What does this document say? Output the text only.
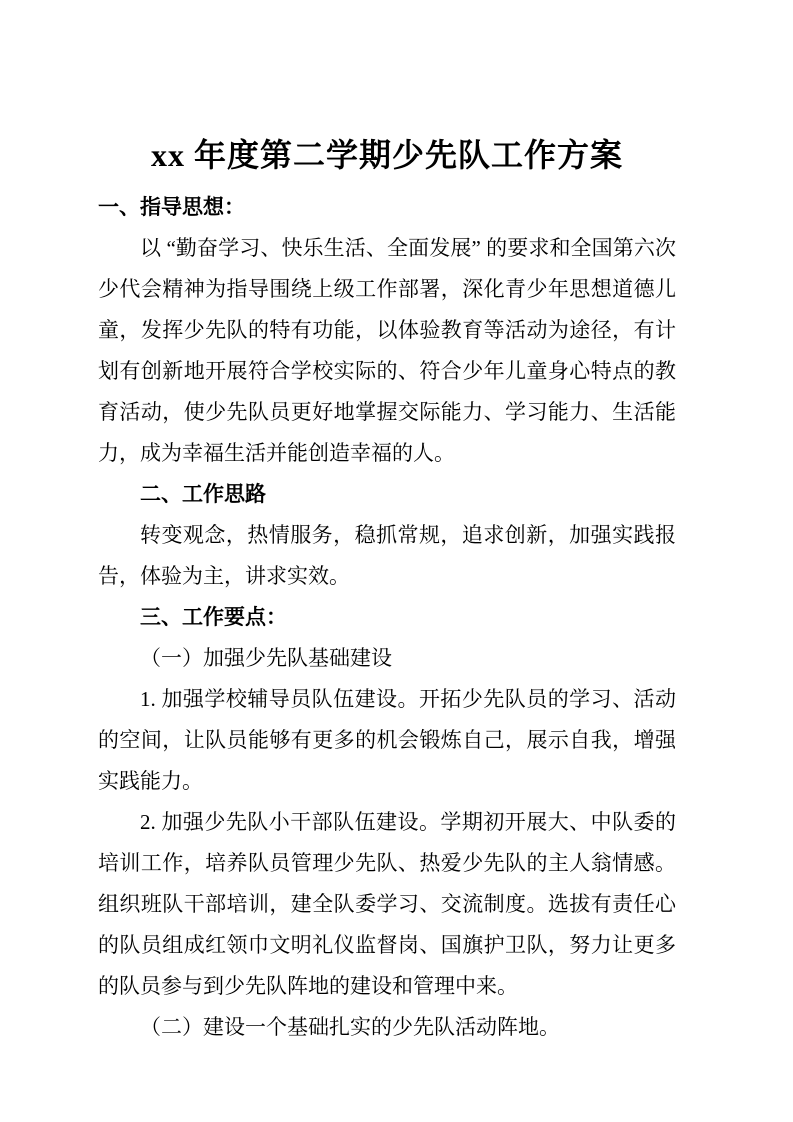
xx 年度第二学期少先队工作方案

一、指导思想：

以 “勤奋学习、快乐生活、全面发展” 的要求和全国第六次少代会精神为指导围绕上级工作部署，深化青少年思想道德儿童，发挥少先队的特有功能，以体验教育等活动为途径，有计划有创新地开展符合学校实际的、符合少年儿童身心特点的教育活动，使少先队员更好地掌握交际能力、学习能力、生活能力，成为幸福生活并能创造幸福的人。

二、工作思路

转变观念，热情服务，稳抓常规，追求创新，加强实践报告，体验为主，讲求实效。

三、工作要点：

（一）加强少先队基础建设

1. 加强学校辅导员队伍建设。开拓少先队员的学习、活动的空间，让队员能够有更多的机会锻炼自己，展示自我，增强实践能力。

2. 加强少先队小干部队伍建设。学期初开展大、中队委的培训工作，培养队员管理少先队、热爱少先队的主人翁情感。组织班队干部培训，建全队委学习、交流制度。选拔有责任心的队员组成红领巾文明礼仪监督岗、国旗护卫队，努力让更多的队员参与到少先队阵地的建设和管理中来。

（二）建设一个基础扎实的少先队活动阵地。
